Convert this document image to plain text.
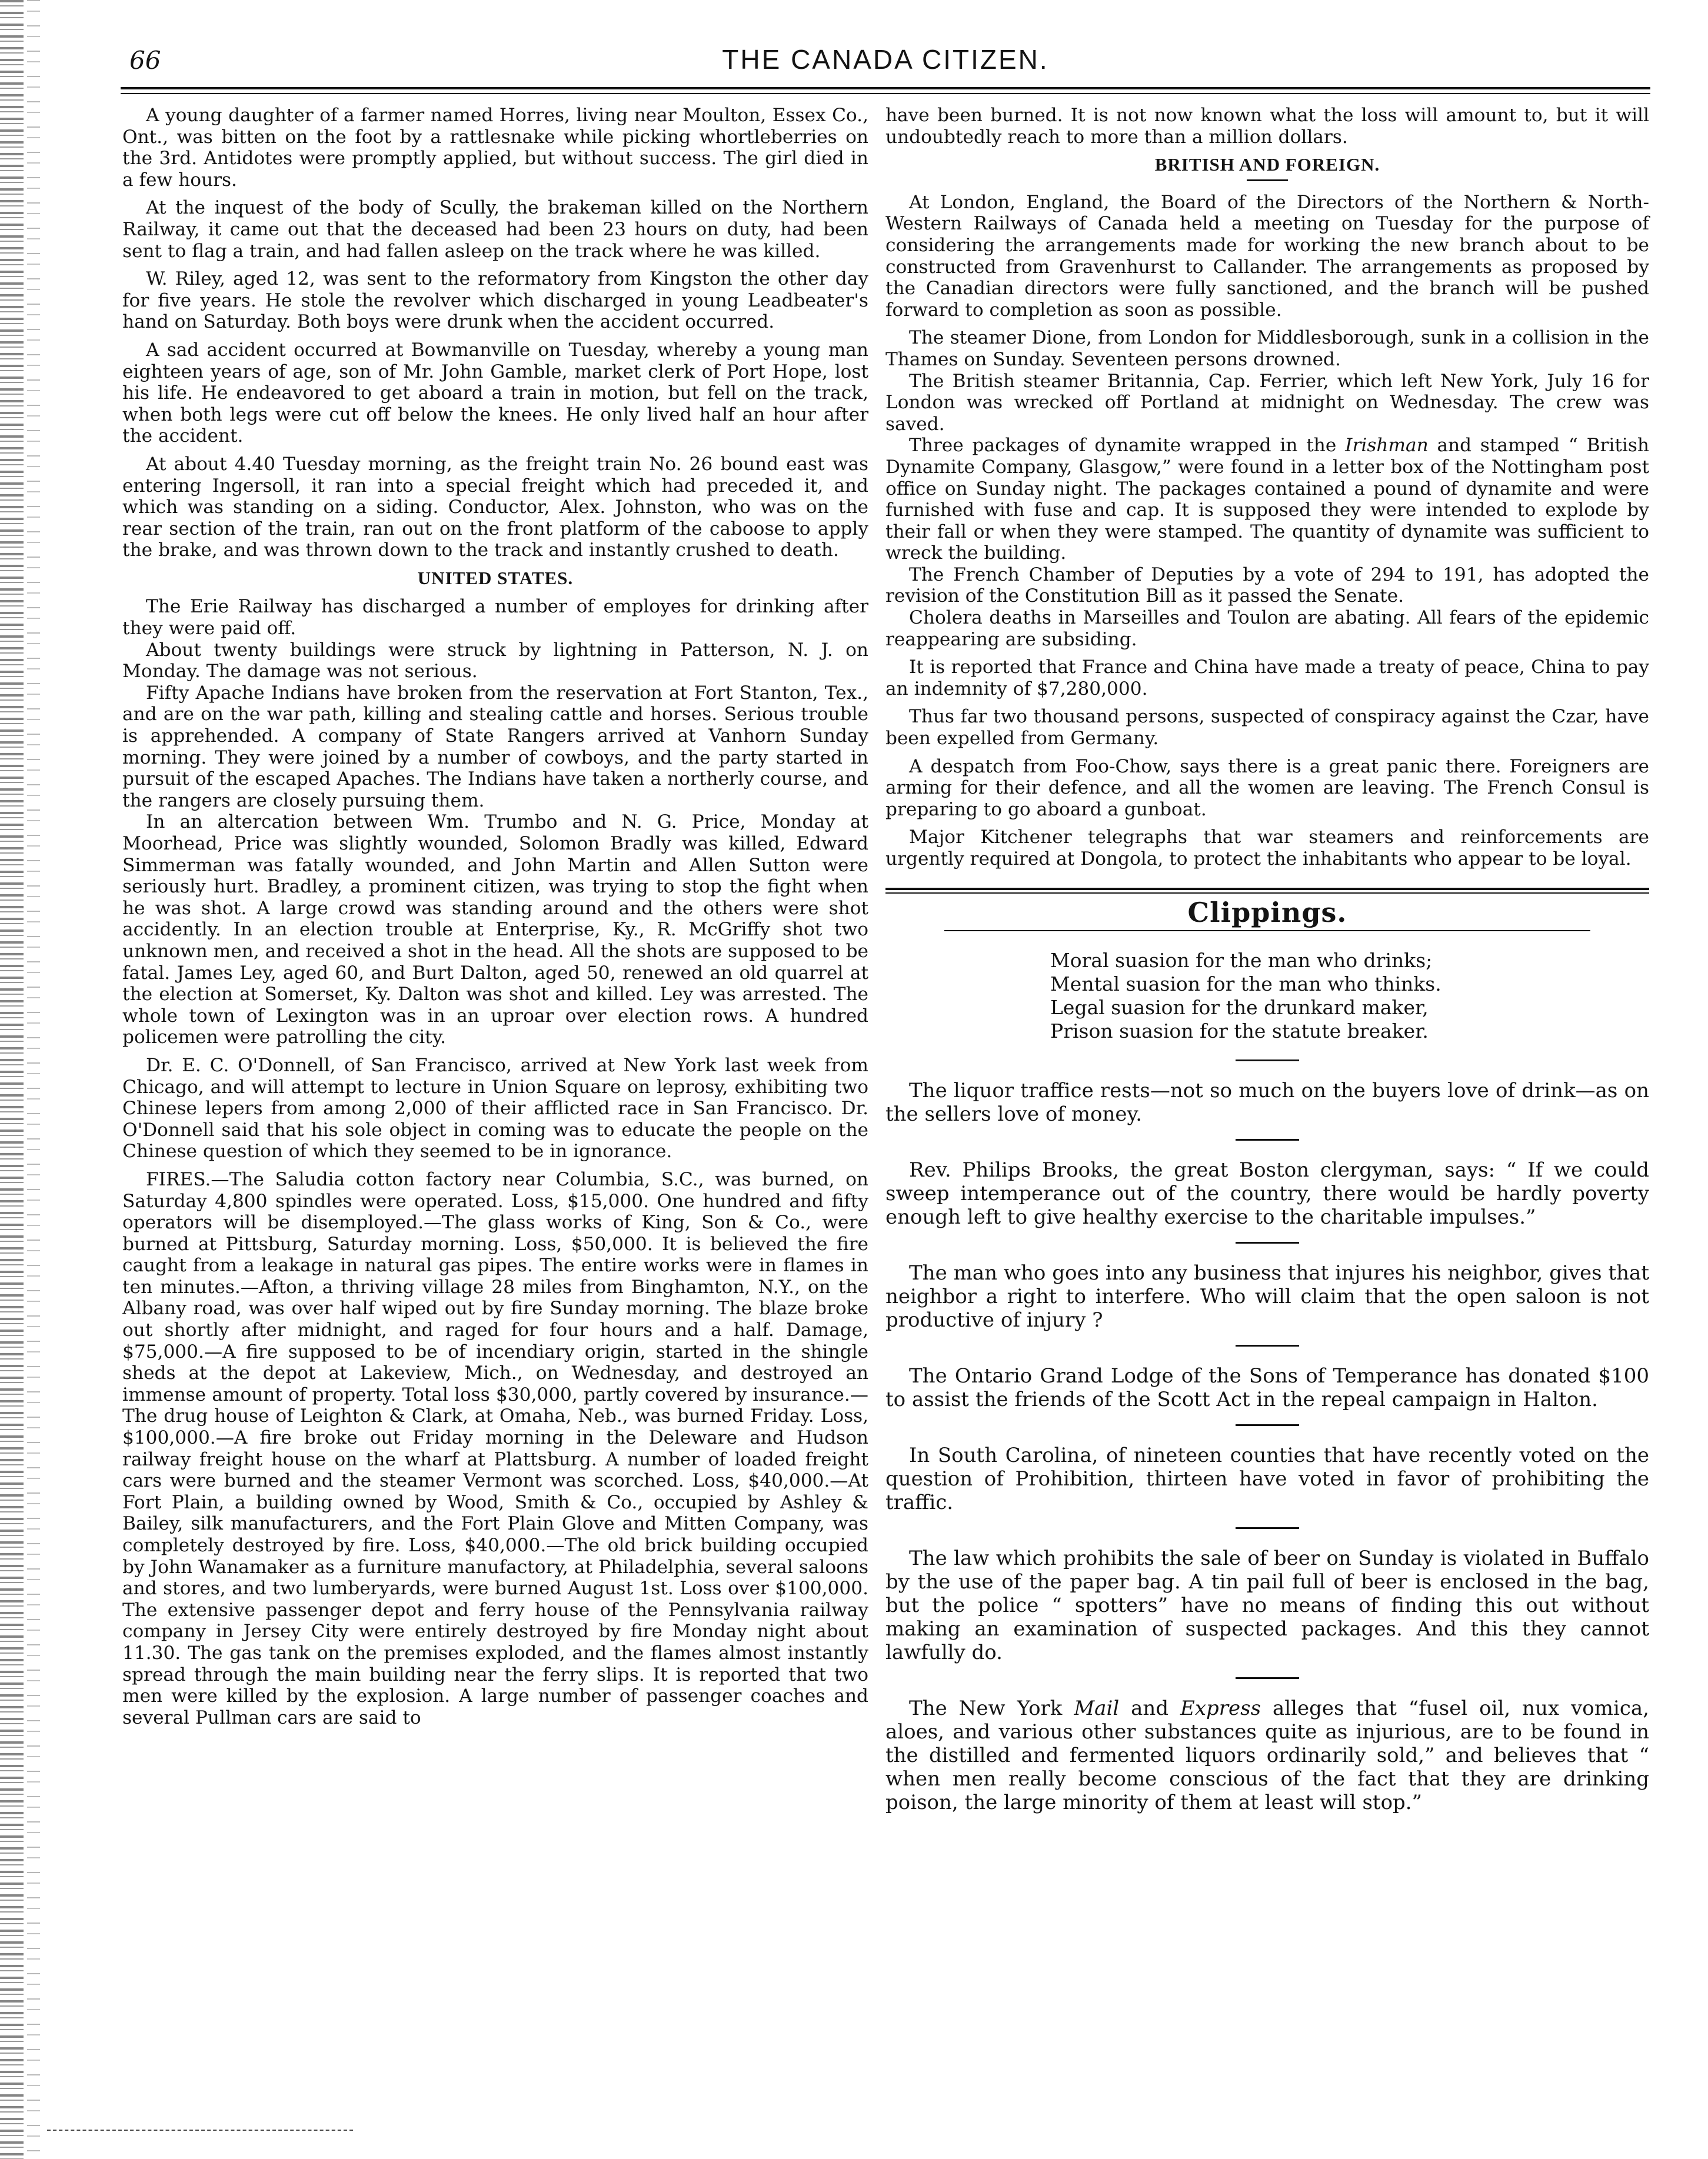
66	THE CANADA CITIZEN.

A young daughter of a farmer named Horres, living near Moulton, Essex Co., Ont., was bitten on the foot by a rattlesnake while picking whortleberries on the 3rd. Antidotes were promptly applied, but without success. The girl died in a few hours.

At the inquest of the body of Scully, the brakeman killed on the Northern Railway, it came out that the deceased had been 23 hours on duty, had been sent to flag a train, and had fallen asleep on the track where he was killed.

W. Riley, aged 12, was sent to the reformatory from Kingston the other day for five years. He stole the revolver which discharged in young Leadbeater's hand on Saturday. Both boys were drunk when the accident occurred.

A sad accident occurred at Bowmanville on Tuesday, whereby a young man eighteen years of age, son of Mr. John Gamble, market clerk of Port Hope, lost his life. He endeavored to get aboard a train in motion, but fell on the track, when both legs were cut off below the knees. He only lived half an hour after the accident.

At about 4.40 Tuesday morning, as the freight train No. 26 bound east was entering Ingersoll, it ran into a special freight which had preceded it, and which was standing on a siding. Conductor, Alex. Johnston, who was on the rear section of the train, ran out on the front platform of the caboose to apply the brake, and was thrown down to the track and instantly crushed to death.

UNITED STATES.

The Erie Railway has discharged a number of employes for drinking after they were paid off.

About twenty buildings were struck by lightning in Patterson, N. J. on Monday. The damage was not serious.

Fifty Apache Indians have broken from the reservation at Fort Stanton, Tex., and are on the war path, killing and stealing cattle and horses. Serious trouble is apprehended. A company of State Rangers arrived at Vanhorn Sunday morning. They were joined by a number of cowboys, and the party started in pursuit of the escaped Apaches. The Indians have taken a northerly course, and the rangers are closely pursuing them.

In an altercation between Wm. Trumbo and N. G. Price, Monday at Moorhead, Price was slightly wounded, Solomon Bradly was killed, Edward Simmerman was fatally wounded, and John Martin and Allen Sutton were seriously hurt. Bradley, a prominent citizen, was trying to stop the fight when he was shot. A large crowd was standing around and the others were shot accidently. In an election trouble at Enterprise, Ky., R. McGriffy shot two unknown men, and received a shot in the head. All the shots are supposed to be fatal. James Ley, aged 60, and Burt Dalton, aged 50, renewed an old quarrel at the election at Somerset, Ky. Dalton was shot and killed. Ley was arrested. The whole town of Lexington was in an uproar over election rows. A hundred policemen were patrolling the city.

Dr. E. C. O'Donnell, of San Francisco, arrived at New York last week from Chicago, and will attempt to lecture in Union Square on leprosy, exhibiting two Chinese lepers from among 2,000 of their afflicted race in San Francisco. Dr. O'Donnell said that his sole object in coming was to educate the people on the Chinese question of which they seemed to be in ignorance.

FIRES.—The Saludia cotton factory near Columbia, S.C., was burned, on Saturday 4,800 spindles were operated. Loss, $15,000. One hundred and fifty operators will be disemployed.—The glass works of King, Son & Co., were burned at Pittsburg, Saturday morning. Loss, $50,000. It is believed the fire caught from a leakage in natural gas pipes. The entire works were in flames in ten minutes.—Afton, a thriving village 28 miles from Binghamton, N.Y., on the Albany road, was over half wiped out by fire Sunday morning. The blaze broke out shortly after midnight, and raged for four hours and a half. Damage, $75,000.—A fire supposed to be of incendiary origin, started in the shingle sheds at the depot at Lakeview, Mich., on Wednesday, and destroyed an immense amount of property. Total loss $30,000, partly covered by insurance.—The drug house of Leighton & Clark, at Omaha, Neb., was burned Friday. Loss, $100,000.—A fire broke out Friday morning in the Deleware and Hudson railway freight house on the wharf at Plattsburg. A number of loaded freight cars were burned and the steamer Vermont was scorched. Loss, $40,000.—At Fort Plain, a building owned by Wood, Smith & Co., occupied by Ashley & Bailey, silk manufacturers, and the Fort Plain Glove and Mitten Company, was completely destroyed by fire. Loss, $40,000.—The old brick building occupied by John Wanamaker as a furniture manufactory, at Philadelphia, several saloons and stores, and two lumberyards, were burned August 1st. Loss over $100,000. The extensive passenger depot and ferry house of the Pennsylvania railway company in Jersey City were entirely destroyed by fire Monday night about 11.30. The gas tank on the premises exploded, and the flames almost instantly spread through the main building near the ferry slips. It is reported that two men were killed by the explosion. A large number of passenger coaches and several Pullman cars are said to

have been burned. It is not now known what the loss will amount to, but it will undoubtedly reach to more than a million dollars.

BRITISH AND FOREIGN.

At London, England, the Board of the Directors of the Northern & North-Western Railways of Canada held a meeting on Tuesday for the purpose of considering the arrangements made for working the new branch about to be constructed from Gravenhurst to Callander. The arrangements as proposed by the Canadian directors were fully sanctioned, and the branch will be pushed forward to completion as soon as possible.

The steamer Dione, from London for Middlesborough, sunk in a collision in the Thames on Sunday. Seventeen persons drowned.

The British steamer Britannia, Cap. Ferrier, which left New York, July 16 for London was wrecked off Portland at midnight on Wednesday. The crew was saved.

Three packages of dynamite wrapped in the Irishman and stamped “ British Dynamite Company, Glasgow,” were found in a letter box of the Nottingham post office on Sunday night. The packages contained a pound of dynamite and were furnished with fuse and cap. It is supposed they were intended to explode by their fall or when they were stamped. The quantity of dynamite was sufficient to wreck the building.

The French Chamber of Deputies by a vote of 294 to 191, has adopted the revision of the Constitution Bill as it passed the Senate.

Cholera deaths in Marseilles and Toulon are abating. All fears of the epidemic reappearing are subsiding.

It is reported that France and China have made a treaty of peace, China to pay an indemnity of $7,280,000.

Thus far two thousand persons, suspected of conspiracy against the Czar, have been expelled from Germany.

A despatch from Foo-Chow, says there is a great panic there. Foreigners are arming for their defence, and all the women are leaving. The French Consul is preparing to go aboard a gunboat.

Major Kitchener telegraphs that war steamers and reinforcements are urgently required at Dongola, to protect the inhabitants who appear to be loyal.

Clippings.
Moral suasion for the man who drinks;
Mental suasion for the man who thinks.
Legal suasion for the drunkard maker,
Prison suasion for the statute breaker.

The liquor traffice rests—not so much on the buyers love of drink—as on the sellers love of money.

Rev. Philips Brooks, the great Boston clergyman, says: “ If we could sweep intemperance out of the country, there would be hardly poverty enough left to give healthy exercise to the charitable impulses.”

The man who goes into any business that injures his neighbor, gives that neighbor a right to interfere. Who will claim that the open saloon is not productive of injury ?

The Ontario Grand Lodge of the Sons of Temperance has donated $100 to assist the friends of the Scott Act in the repeal campaign in Halton.

In South Carolina, of nineteen counties that have recently voted on the question of Prohibition, thirteen have voted in favor of prohibiting the traffic.

The law which prohibits the sale of beer on Sunday is violated in Buffalo by the use of the paper bag. A tin pail full of beer is enclosed in the bag, but the police “ spotters” have no means of finding this out without making an examination of suspected packages. And this they cannot lawfully do.

The New York Mail and Express alleges that “fusel oil, nux vomica, aloes, and various other substances quite as injurious, are to be found in the distilled and fermented liquors ordinarily sold,” and believes that “ when men really become conscious of the fact that they are drinking poison, the large minority of them at least will stop.”
